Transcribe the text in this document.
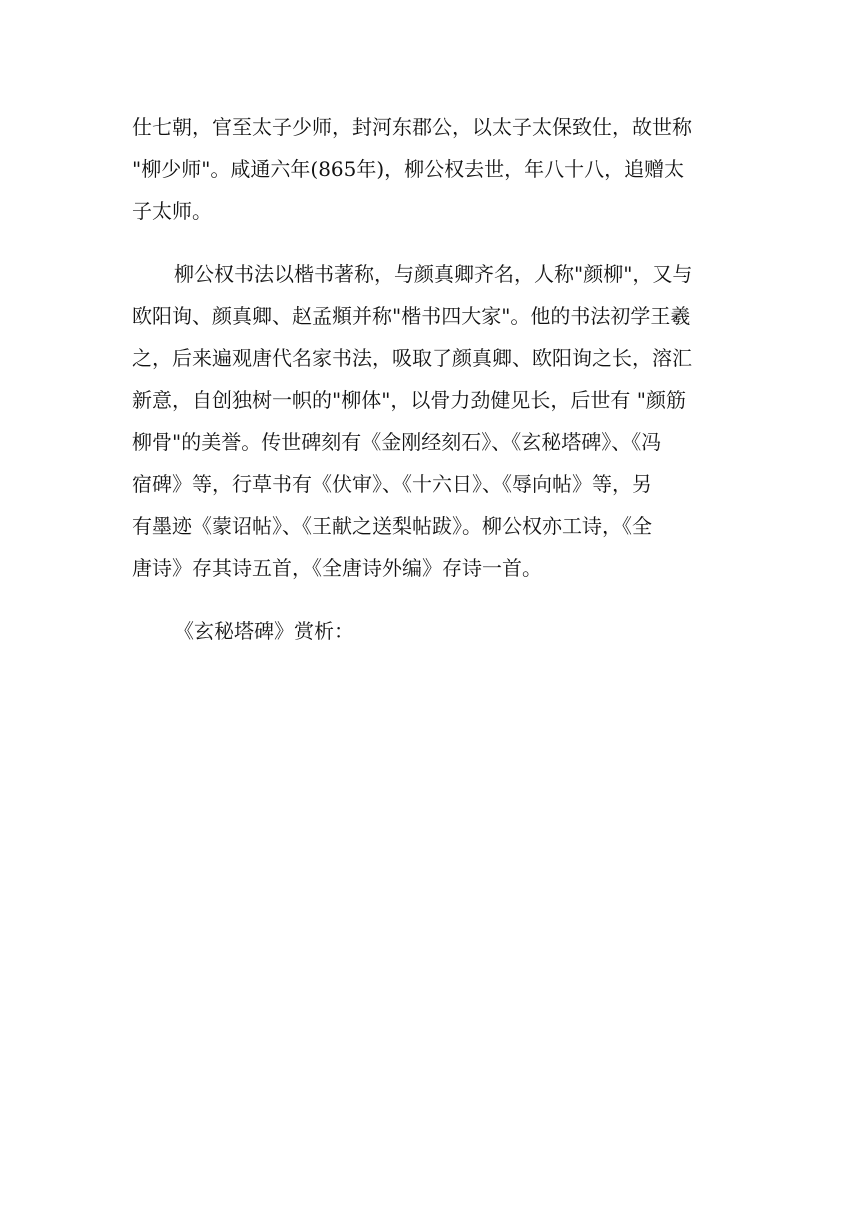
仕七朝，官至太子少师，封河东郡公，以太子太保致仕，故世称
"柳少师"。咸通六年(865年)，柳公权去世，年八十八，追赠太
子太师。
柳公权书法以楷书著称，与颜真卿齐名，人称"颜柳"，又与
欧阳询、颜真卿、赵孟頫并称"楷书四大家"。他的书法初学王羲
之，后来遍观唐代名家书法，吸取了颜真卿、欧阳询之长，溶汇
新意，自创独树一帜的"柳体"，以骨力劲健见长，后世有 "颜筋
柳骨"的美誉。传世碑刻有《金刚经刻石》、《玄秘塔碑》、《冯
宿碑》等，行草书有《伏审》、《十六日》、《辱向帖》等，另
有墨迹《蒙诏帖》、《王献之送梨帖跋》。柳公权亦工诗，《全
唐诗》存其诗五首，《全唐诗外编》存诗一首。
《玄秘塔碑》赏析：
